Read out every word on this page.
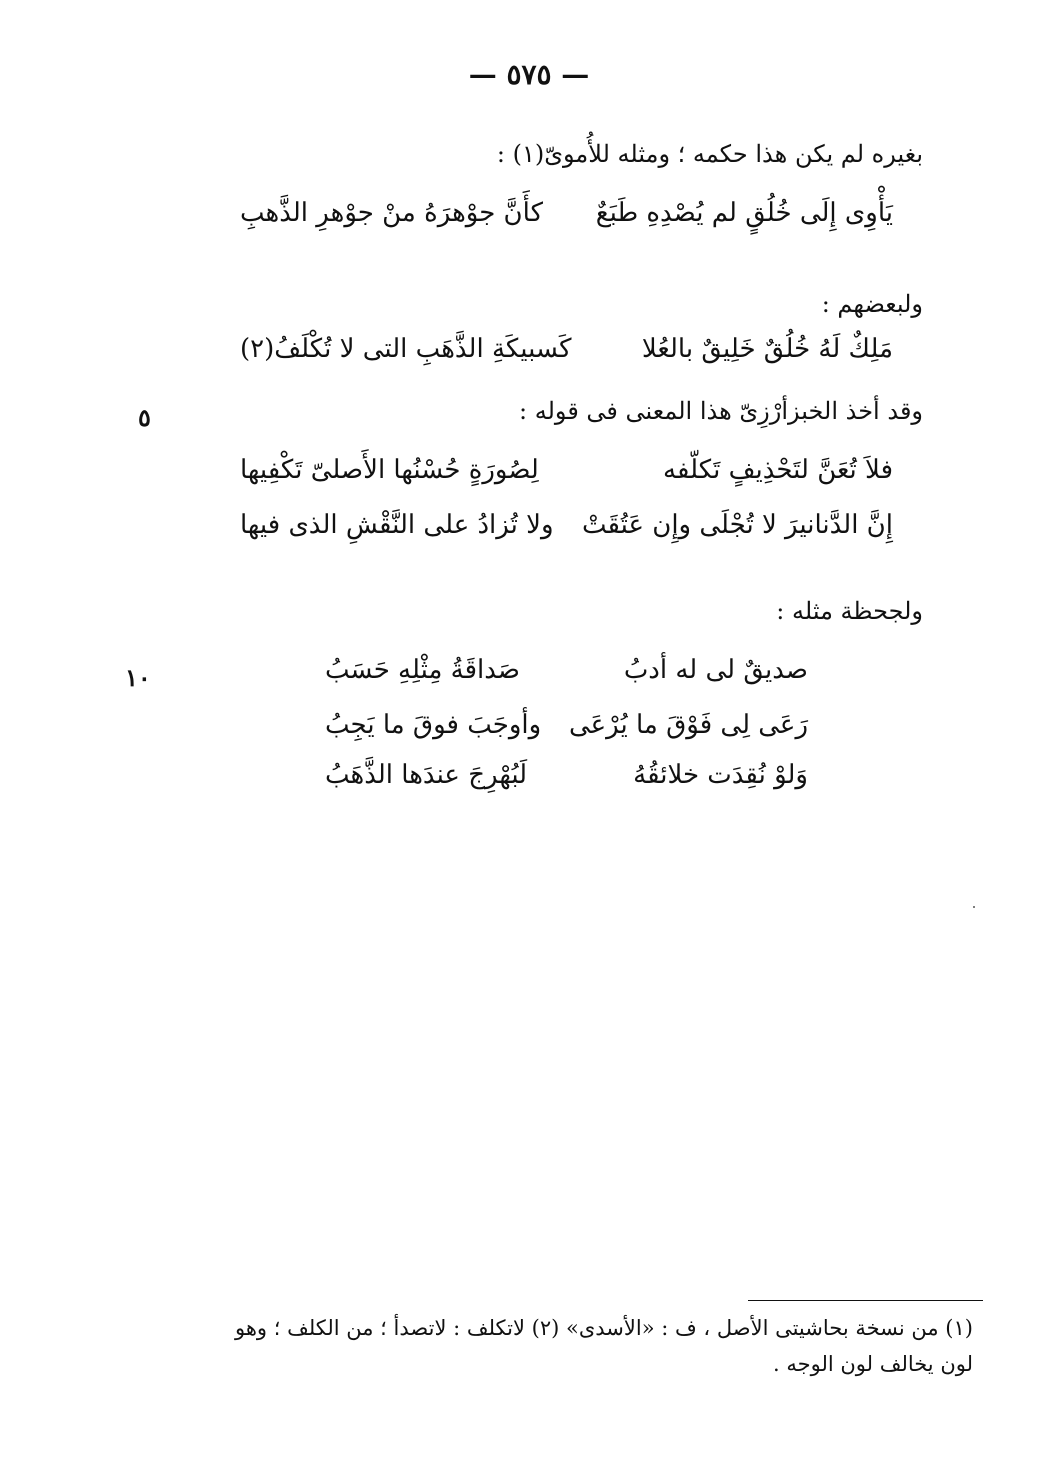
— ٥٧٥ —
بغيره لم يكن هذا حكمه ؛ ومثله للأُموىّ(١) :
يَأْوِى إِلَى خُلُقٍ لم يُصْدِهِ طَبَعٌ
كأَنَّ جوْهرَهُ منْ جوْهرِ الذَّهبِ
ولبعضهم :
مَلِكٌ لَهُ خُلُقٌ خَلِيقٌ بالعُلا
كَسبيكَةِ الذَّهَبِ التى لا تُكْلَفُ(٢)
وقد أخذ الخبزأرْزِىّ هذا المعنى فى قوله :
٥
فلاَ تُعَنَّ لتَحْذِيفٍ تَكلّفه
لِصُورَةٍ حُسْنُها الأَصلىّ تَكْفِيها
إِنَّ الدَّنانيرَ لا تُجْلَى وإِن عَتُقَتْ
ولا تُزادُ على النَّقْشِ الذى فيها
ولجحظة مثله :
١٠	صديقٌ لى له أدبُ
صَداقَةُ مِثْلِهِ حَسَبُ
رَعَى لِى فَوْقَ ما يُرْعَى
وأوجَبَ فوقَ ما يَجِبُ
وَلوْ نُقِدَت خلائقُهُ
لَبُهْرِجَ عندَها الذَّهَبُ
(١) من نسخة بحاشيتى الأصل ، ف : «الأسدى» (٢) لاتكلف : لاتصدأ ؛ من الكلف ؛ وهو
لون يخالف لون الوجه .
